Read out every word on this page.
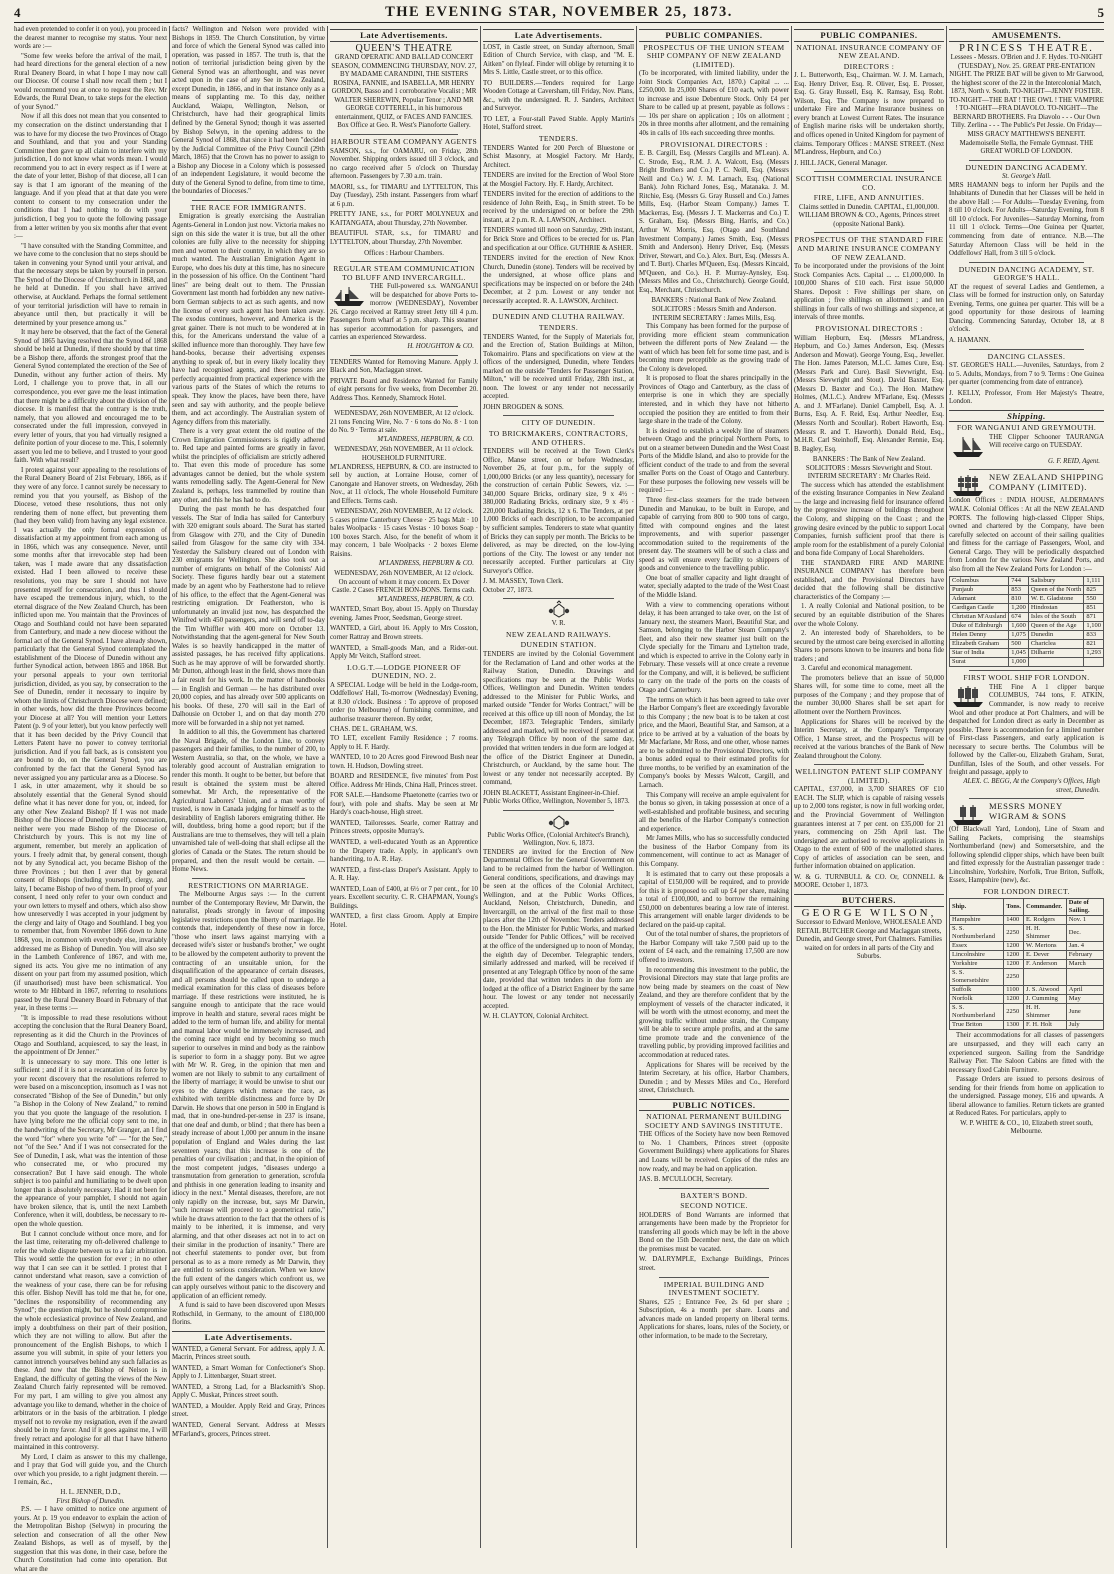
4	THE EVENING STAR, NOVEMBER 25, 1873.	5

had even pretended to confer it on you), you proceed in the dearest manner to recognise my status. Your next words are :—

"Some few weeks before the arrival of the mail, I had heard directions for the general election of a new Rural Deanery Board, in what I hope I may now call our Diocese. Of course I shall now recall them ; but I would recommend you at once to request the Rev. Mr Edwards, the Rural Dean, to take steps for the election of your Synod."

Now if all this does not mean that you consented to my consecration on the distinct understanding that I was to have for my diocese the two Provinces of Otago and Southland, and that you and your Standing Committee then gave up all claim to interfere with my jurisdiction, I do not know what words mean. I would recommend you to act in every respect as if I were at the date of your letter, Bishop of that diocese, all I can say is that I am ignorant of the meaning of the language. And if you plead that at that date you were content to consent to my consecration under the conditions that I had nothing to do with your jurisdiction, I beg you to quote the following passage from a letter written by you six months after that event :—

"I have consulted with the Standing Committee, and we have come to the conclusion that no steps should be taken in convening your Synod until your arrival, and that the necessary steps be taken by yourself in person. The Synod of the Diocese of Christchurch in 1868, and he held at Dunedin. If you shall have arrived otherwise, at Auckland. Perhaps the formal settlement of your territorial jurisdiction will have to remain in abeyance until then, but practically it will be determined by your presence among us."

It may here be observed, that the fact of the General Synod of 1865 having resolved that the Synod of 1868 should be held at Dunedin, if there should by that time be a Bishop there, affords the strongest proof that the General Synod contemplated the erection of the See of Dunedin, without any further action of theirs. My Lord, I challenge you to prove that, in all our correspondence, you ever gave me the least intimation that there might be a difficulty about the division of the diocese. It is manifest that the contrary is the truth, namely, that you allowed and encouraged me to be consecrated under the full impression, conveyed in every letter of yours, that you had virtually resigned a definite portion of your diocese to me. This, I solemnly assert you led me to believe, and I trusted to your good faith. With what result?

I protest against your appealing to the resolutions of the Rural Deanery Board of 21st February, 1866, as if they were of any force. I cannot surely be necessary to remind you that you yourself, as Bishop of the Diocese, vetoed these resolutions, thus not only rendering them of none effect, but preventing them (had they been valid) from having any legal existence. I was actually the only formal expression of dissatisfaction at my appointment from each among us in 1866, which was any consequence. Never, until some months after that irrevocable step had been taken, was I made aware that any dissatisfaction existed. Had I been allowed to receive these resolutions, you may be sure I should not have presented myself for consecration, and thus I should have escaped the tremendous injury, which, to the eternal disgrace of the New Zealand Church, has been inflicted upon me. You maintain that the Provinces of Otago and Southland could not have been separated from Canterbury, and made a new diocese without the formal act of the General Synod. I have already shown, particularly that the General Synod contemplated the establishment of the Diocese of Dunedin without any further Synodical action, between 1865 and 1868. But your personal appeals to your own territorial jurisdiction, divided, as you say, by consecration to the See of Dunedin, render it necessary to inquire by whom the limits of Christchurch Diocese were defined; in other words, how did the three Provinces become your Diocese at all? You will mention your Letters Patent (p. 9 of your letter), but you know perfectly well that it has been decided by the Privy Council that Letters Patent have no power to convey territorial jurisdiction. And if you fall back, as is consistent you are bound to do, on the General Synod, you are confronted by the fact that the General Synod has never assigned you any particular area as a Diocese. So I ask, in utter amazement, why it should be so absolutely essential that the General Synod should define what it has never done for you, or, indeed, for any other New Zealand Bishop? If I was not made Bishop of the Diocese of Dunedin by my consecration, neither were you made Bishop of the Diocese of Christchurch by yours. This is not my line of argument, remember, but merely an application of yours. I freely admit that, by general consent, though not by any Synodical act, you became Bishop of the three Provinces ; but then I aver that by general consent of Bishops (including yourself), clergy, and laity, I became Bishop of two of them. In proof of your consent, I need only refer to your own conduct and your own letters to myself and others, which also show how unreservedly I was accepted in your judgment by the clergy and laity of Otago and Southland. I beg you to remember that, from November 1866 down to June 1868, you, in common with everybody else, invariably addressed me as Bishop of Dunedin. You will also see in the Lambeth Conference of 1867, and with me, signed its acts. You give me no intimation of any dissent on your part from my assumed position, which (if unauthorised) must have been schismatical. You wrote to Mr Hibbard in 1867, referring to resolutions passed by the Rural Deanery Board in February of that year, in these terms :—

"It is impossible to read these resolutions without accepting the conclusion that the Rural Deanery Board, representing as it did the Church in the Provinces of Otago and Southland, acquiesced, to say the least, in the appointment of Dr Jenner."

It is unnecessary to say more. This one letter is sufficient ; and if it is not a recantation of its force by your recent discovery that the resolutions referred to were based on a misconception, insomuch as I was not consecrated "Bishop of the See of Dunedin," but only "a Bishop in the Colony of New Zealand," to remind you that you quote the language of the resolution. I have lying before me the official copy sent to me, in the handwriting of the Secretary, Mr Granger, an I find the word "for" where you write "of" — "for the See," not "of the See." And if I was not consecrated for the See of Dunedin, I ask, what was the intention of those who consecrated me, or who procured my consecration? But I have said enough. The whole subject is too painful and humiliating to be dwelt upon longer than is absolutely necessary. Had it not been for the appearance of your pamphlet, I should not again have broken silence, that is, until the next Lambeth Conference, when it will, doubtless, be necessary to re-open the whole question.

But I cannot conclude without once more, and for the last time, reiterating my oft-delivered challenge to refer the whole dispute between us to a fair arbitration. This would settle the question for ever ; in no other way that I can see can it be settled. I protest that I cannot understand what reason, save a conviction of the weakness of your case, there can be for refusing this offer. Bishop Nevill has told me that he, for one, "declines the responsibility of recommending any Synod"; the question might, but he should compromise the whole ecclesiastical province of New Zealand, and imply a doubtfulness on their part of their position, which they are not willing to allow. But after the pronouncement of the English Bishops, to which I assume you will submit, in spite of your letters you cannot intrench yourselves behind any such fallacies as these. And now that the Bishop of Nelson is in England, the difficulty of getting the views of the New Zealand Church fairly represented will be removed. For my part, I am willing to give you almost any advantage you like to demand, whether in the choice of arbitrators or in the basis of the arbitration. I pledge myself not to revoke my resignation, even if the award should be in my favor. And if it goes against me, I will freely retract and apologise for all that I have hitherto maintained in this controversy.

My Lord, I claim as answer to this my challenge, and I pray that God will guide you, and the Church over which you preside, to a right judgment therein. — I remain, &c.,

H. L. JENNER, D.D.,
First Bishop of Dunedin.

P.S. — I have omitted to notice one argument of yours. At p. 19 you endeavor to explain the action of the Metropolitan Bishop (Selwyn) in procuring the selection and consecration of all the other New Zealand Bishops, as well as of myself, by the suggestion that this was done, in their case, before the Church Constitution had come into operation. But what are the

facts? Wellington and Nelson were provided with Bishops in 1859. The Church Constitution, by virtue and force of which the General Synod was called into operation, was passed in 1857. The truth is, that the notion of territorial jurisdiction being given by the General Synod was an afterthought, and was never acted upon in the case of any See in New Zealand, except Dunedin, in 1866, and in that instance only as a means of supplanting me. To this day, neither Auckland, Waiapu, Wellington, Nelson, or Christchurch, have had their geographical limits defined by the General Synod; though it was asserted by Bishop Selwyn, in the opening address to the General Synod of 1868, that since it had been "decided by the Judicial Committee of the Privy Council (29th March, 1865) that the Crown has no power to assign to a Bishop any Diocese in a Colony which is possessed of an independent Legislature, it would become the duty of the General Synod to define, from time to time, the boundaries of Dioceses."

THE RACE FOR IMMIGRANTS.

Emigration is greatly exercising the Australian Agents-General in London just now. Victoria makes no sign on this side the water it is true, but all the other colonies are fully alive to the necessity for shipping men and women to their country, in which they are so much wanted. The Australian Emigration Agent in Europe, who does his duty at this time, has no sinecure in the possession of his office. On the Continent "hard lines" are being dealt out to them. The Prussian Government last month had forbidden any new native-born German subjects to act as such agents, and now the license of every such agent has been taken away. The exodus continues, however, and America is the great gainer. There is not much to be wondered at in this, for the Americans understand the value of a skilled influence more than thoroughly. They have few hand-books, because their advertising expenses anything to speak of, but in every likely locality they have had recognised agents, and these persons are perfectly acquainted from practical experience with the various parts of the States of which the returns to speak. They know the places, have been there, have seen and say with authority, and the people believe them, and act accordingly. The Australian system of Agency differs from this materially.

There is a very great extent the old routine of the Crown Emigration Commissioners is rigidly adhered to. Red tape and painted forms are greatly in favor, whilst the principles of officialism are strictly adhered to. That even this mode of procedure has some advantages cannot be denied, but the whole system wants remodelling sadly. The Agent-General for New Zealand is, perhaps, less trammelled by routine than any other, and this he has had to do.

During the past month he has despatched four vessels. The Star of India has sailed for Canterbury with 320 emigrant souls aboard. The Surat has started from Glasgow with 270, and the City of Dunedin sailed from Glasgow for the same city with 334. Yesterday the Salisbury cleared out of London with 230 emigrants for Wellington. She also took out a number of emigrants on behalf of the Colonists' Aid Society. These figures hardly bear out a statement made by an agent who by Featherstone had to relieve of his office, to the effect that the Agent-General was restricting emigration. Dr Featherston, who is unfortunately an invalid just now, has despatched the Winifred with 450 passengers, and will send off to-day the Tim Whiffler with 400 more on October 13. Notwithstanding that the agent-general for New South Wales is so heavily handicapped in the matter of assisted passages, he has received fifty applications. Such as he may approve of will be forwarded shortly. Mr Dutton, although least in the field, shows more than a fair result for his work. In the matter of handbooks — in English and German — he has distributed over 20,000 copies, and has already over 500 applicants on his books. Of these, 270 will sail in the Earl of Dalhousie on October 1, and on that day month 270 more will be forwarded in a ship not yet named.

In addition to all this, the Government has chartered the Naval Brigade, of the London Line, to convey passengers and their families, to the number of 200, to Western Australia, so that, on the whole, we have a tolerably good account of Australian emigration to render this month. It ought to be better, but before that result is obtained the system must be altered somewhat. Mr Arch, the representative of the Agricultural Laborers' Union, and a man worthy of trusted, is now in Canada judging for himself as to the desirability of English laborers emigrating thither. He will, doubtless, bring home a good report; but if the Australians are true to themselves, they will tell a plain unvarnished tale of well-doing that shall eclipse all the glories of Canada or the States. The return should be prepared, and then the result would be certain. — Home News.

RESTRICTIONS ON MARRIAGE.

The Melbourne Argus says :— In the current number of the Contemporary Review, Mr Darwin, the naturalist, pleads strongly in favour of imposing legislative restrictions upon the liberty of marriage. He contends that, independently of these now in force, "those who insert laws against marrying with a deceased wife's sister or husband's brother," we ought to be allowed by the competent authority to prevent the contracting of an unsuitable union, for the disqualification of the appearance of certain diseases, and all persons should be called upon to undergo a medical examination for this class of diseases before marriage. If these restrictions were instituted, he is sanguine enough to anticipate that the race would improve in health and stature, several races might be added to the term of human life, and ability for mental and manual labor would be immensely increased, and the coming race might end by becoming so much superior to ourselves in mind and body as the rainbow is superior to form in a shaggy pony. But we agree with Mr W. R. Greg, in the opinion that men and women are not likely to submit to any curtailment of the liberty of marriage; it would be unwise to shut our eyes to the dangers which menace the race, as exhibited with terrible distinctness and force by Dr Darwin. He shows that one person in 500 in England is mad, that in one-hundred-per-sense in 237 is insane, that one deaf and dumb, or blind ; that there has been a steady increase of about 1,000 per annum in the insane population of England and Wales during the last seventeen years; that this increase is one of the penalties of our civilisation ; and that, in the opinion of the most competent judges, "diseases undergo a transmutation from generation to generation, scrofula and phthisis in one generation leading to insanity and idiocy in the next." Mental diseases, therefore, are not only rapidly on the increase, but, says Mr Darwin, "such increase will proceed to a geometrical ratio," while he draws attention to the fact that the others of is mainly to be inherited, it is immense, and very alarming, and that other diseases act not in to act on their similar in the production of insanity." There are not cheerful statements to ponder over, but from personal as to as a more remedy as Mr Darwin, they are entitled to serious consideration. When we know the full extent of the dangers which confront us, we can apply ourselves without panic to the discovery and application of an efficient remedy.

A fund is said to have been discovered upon Messrs Rothschild, in Germany, to the amount of £180,000 florins.

Late Advertisements.
WANTED, a General Servant. For address, apply J. A. Macrin, Princes street south.
WANTED, a Smart Woman for Confectioner's Shop. Apply to J. Littenbarger, Stuart street.
WANTED, a Strong Lad, for a Blacksmith's Shop. Apply C. Muskat, Princes street south.
WANTED, a Moulder. Apply Reid and Gray, Princes street.
WANTED, General Servant. Address at Messrs M'Farland's, grocers, Princes street.
Late Advertisements.
QUEEN'S THEATRE
GRAND OPERATIC AND BALLAD CONCERT SEASON, COMMENCING THURSDAY, NOV. 27, BY MADAME CARANDINI, THE SISTERS ROSINA, FANNIE, and ISABELLA, MR HENRY GORDON, Basso and 1 corroborative Vocalist ; MR WALTER SHEREWIN, Popular Tenor ; AND MR GEORGE COTTERELL, in his humorous entertainment, QUIZ, or FACES AND FANCIES. Box Office at Geo. R. West's Pianoforte Gallery.
HARBOUR STEAM COMPANY AGENTS
SAMSON, s.s., for OAMARU, on Friday, 28th November. Shipping orders issued till 3 o'clock, and no cargo received after 5 o'clock on Thursday afternoon. Passengers by 7.30 a.m. train.
MAORI, s.s., for TIMARU and LYTTELTON, This Day (Tuesday), 25th instant. Passengers from wharf at 6 p.m.
PRETTY JANE, s.s., for PORT MOLYNEUX and KAITANGATA, about Thursday, 27th November.
BEAUTIFUL STAR, s.s., for TIMARU and LYTTELTON, about Thursday, 27th November.
Offices : Harbour Chambers.
REGULAR STEAM COMMUNICATION TO BLUFF AND INVERCARGILL.
THE Full-powered s.s. WANGANUI will be despatched for above Ports to-morrow (WEDNESDAY), November 26. Cargo received at Rattray street Jetty till 4 p.m. Passengers from wharf at 5 p.m. sharp. This steamer has superior accommodation for passengers, and carries an experienced Stewardess.
H. HOUGHTON & CO.
TENDERS Wanted for Removing Manure. Apply J. Black and Son, Maclaggan street.
PRIVATE Board and Residence Wanted for Family of eight persons for five weeks, from December 20. Address Thos. Kennedy, Shamrock Hotel.
WEDNESDAY, 26th NOVEMBER, At 12 o'clock.
21 tons Fencing Wire, No. 7 · 6 tons do No. 8 · 1 ton do No. 9 · Terms at sale.
M'LANDRESS, HEPBURN, & CO.
WEDNESDAY, 26th NOVEMBER, At 11 o'clock. HOUSEHOLD FURNITURE.
M'LANDRESS, HEPBURN, & CO. are instructed to sell by auction, at Lorraine House, corner of Canongate and Hanover streets, on Wednesday, 26th Nov., at 11 o'clock, The whole Household Furniture and Effects. Terms cash.
WEDNESDAY, 26th NOVEMBER, At 12 o'clock.
5 cases prime Canterbury Cheese · 25 bags Malt · 10 bales Woolpacks · 15 cases Vestas · 10 boxes Soap · 100 boxes Starch. Also, for the benefit of whom it may concern, 1 bale Woolpacks · 2 boxes Eleme Raisins.
M'LANDRESS, HEPBURN & CO.
WEDNESDAY, 26th NOVEMBER, At 12 o'clock.
On account of whom it may concern. Ex Dover Castle. 2 Cases FRENCH BON-BONS. Terms cash.
M'LANDRESS, HEPBURN, & CO.
WANTED, Smart Boy, about 15. Apply on Thursday evening. James Proor, Seedsman, George street.
WANTED, a Girl, about 16. Apply to Mrs Cosston, corner Rattray and Brown streets.
WANTED, a Small-goods Man, and a Rider-out. Apply Mr Veitch, Stafford street.
I.O.G.T.—LODGE PIONEER OF DUNEDIN, NO. 2.
A SPECIAL Lodge will be held in the Lodge-room, Oddfellows' Hall, To-morrow (Wednesday) Evening, at 8.30 o'clock. Business : To approve of proposed order (to Melbourne) of furnishing committee, and authorise treasurer thereon. By order,
CHAS. DE L. GRAHAM, W.S.
TO LET, excellent Family Residence ; 7 rooms. Apply to H. F. Hardy.
WANTED, 10 to 20 Acres good Firewood Bush near town. H. Hudson, Dowling street.
BOARD and RESIDENCE, five minutes' from Post Office. Address Mr Hinds, China Hall, Princes street.
FOR SALE.—Handsome Phaetonette (carries two or four), with pole and shafts. May be seen at Mr Hardy's coach-house, High street.
WANTED, Tailoresses. Searle, corner Rattray and Princes streets, opposite Murray's.
WANTED, a well-educated Youth as an Apprentice to the Drapery trade. Apply, in applicant's own handwriting, to A. R. Hay.
WANTED, a first-class Draper's Assistant. Apply to A. R. Hay.
WANTED, Loan of £400, at 6½ or 7 per cent., for 10 years. Excellent security. C. R. CHAPMAN, Young's Buildings.
WANTED, a first class Groom. Apply at Empire Hotel.
Late Advertisements.
LOST, in Castle street, on Sunday afternoon, Small Edition of Church Service, with clasp, and "M. E. Aitken" on flyleaf. Finder will oblige by returning it to Mrs S. Little, Castle street, or to this office.
TO BUILDERS.—Tenders required for Large Wooden Cottage at Caversham, till Friday, Nov. Plans, &c., with the undersigned. R. J. Sanders, Architect and Surveyor.
TO LET, a Four-stall Paved Stable. Apply Martin's Hotel, Stafford street.
TENDERS.
TENDERS Wanted for 200 Perch of Bluestone or Schist Masonry, at Mosgiel Factory. Mr Hardy, Architect.
TENDERS are invited for the Erection of Wool Store at the Mosgiel Factory. Hy. F. Hardy, Architect.
TENDERS invited for the erection of additions to the residence of John Reith, Esq., in Smith street. To be received by the undersigned on or before the 29th instant, at 2 p.m. R. A. LAWSON, Architect.
TENDERS wanted till noon on Saturday, 29th instant, for Brick Store and Offices to be erected for us. Plan and specification at our Office. GUTHRIE & ASHER.
TENDERS invited for the erection of New Knox Church, Dunedin (stone). Tenders will be received by the undersigned, at whose office plans and specifications may be inspected on or before the 24th December, at 2 p.m. Lowest or any tender not necessarily accepted. R. A. LAWSON, Architect.
DUNEDIN AND CLUTHA RAILWAY.
TENDERS.
TENDERS Wanted, for the Supply of Materials for, and the Erection of, Station Buildings at Milton, Tokomairiro. Plans and specifications on view at the offices of the undersigned, Dunedin, where Tenders marked on the outside "Tenders for Passenger Station, Milton," will be received until Friday, 28th inst., at noon. The lowest or any tender not necessarily accepted.
JOHN BROGDEN & SONS.
CITY OF DUNEDIN.
TO BRICKMAKERS, CONTRACTORS, AND OTHERS.
TENDERS will be received at the Town Clerk's Office, Manse street, on or before Wednesday, November 26, at four p.m., for the supply of 1,000,000 Bricks (or any less quantity), necessary for the construction of certain Public Sewers, viz. :— 340,000 Square Bricks, ordinary size, 9 x 4½ · 380,000 Radiating Bricks, ordinary size, 9 x 4½ · 220,000 Radiating Bricks, 12 x 6. The Tenders, at per 1,000 Bricks of each description, to be accompanied by sufficient samples. Tenderers to state what quantity of Bricks they can supply per month. The Bricks to be delivered, as may be directed, on the low-lying portions of the City. The lowest or any tender not necessarily accepted. Further particulars at City Surveyor's Office.
J. M. MASSEY, Town Clerk.
October 27, 1873.
V. R.
NEW ZEALAND RAILWAYS.
DUNEDIN STATION.
TENDERS are invited by the Colonial Government for the Reclamation of Land and other works at the Railway Station, Dunedin. Drawings and specifications may be seen at the Public Works Offices, Wellington and Dunedin. Written tenders addressed to the Minister for Public Works, and marked outside "Tender for Works Contract," will be received at this office up till noon of Monday, the 1st December, 1873. Telegraphic Tenders, similarly addressed and marked, will be received if presented at any Telegraph Office by noon of the same day, provided that written tenders in due form are lodged at the office of the District Engineer at Dunedin, Christchurch, or Auckland, by the same hour. The lowest or any tender not necessarily accepted. By command,
JOHN BLACKETT, Assistant Engineer-in-Chief.
Public Works Office, Wellington, November 5, 1873.
Public Works Office, (Colonial Architect's Branch), Wellington, Nov. 6, 1873.
TENDERS are invited for the Erection of New Departmental Offices for the General Government on land to be reclaimed from the harbor of Wellington. General conditions, specifications, and drawings may be seen at the offices of the Colonial Architect, Wellington, and at the Public Works Offices, Auckland, Nelson, Christchurch, Dunedin, and Invercargill, on the arrival of the first mail to those places after the 12th of November. Tenders addressed to the Hon. the Minister for Public Works, and marked outside "Tender for Public Offices," will be received at the office of the undersigned up to noon of Monday, the eighth day of December. Telegraphic tenders, similarly addressed and marked, will be received if presented at any Telegraph Office by noon of the same date, provided that written tenders in due form are lodged at the office of a District Engineer by the same hour. The lowest or any tender not necessarily accepted.
W. H. CLAYTON, Colonial Architect.
PUBLIC COMPANIES.
PROSPECTUS OF THE UNION STEAM SHIP COMPANY OF NEW ZEALAND (LIMITED).
(To be incorporated, with limited liability, under the Joint Stock Companies Act, 1870.) Capital ... ... £250,000. In 25,000 Shares of £10 each, with power to increase and issue Debenture Stock. Only £4 per Share to be called up at present, payable as follows :— 10s per share on application ; 10s on allotment ; 20s in three months after allotment, and the remaining 40s in calls of 10s each succeeding three months.
PROVISIONAL DIRECTORS :
E. B. Cargill, Esq. (Messrs Cargills and M'Lean). A. C. Strode, Esq., R.M. J. A. Walcott, Esq. (Messrs Bright Brothers and Co.) P. C. Neill, Esq. (Messrs Neill and Co.) W. J. M. Larnach, Esq. (National Bank). John Richard Jones, Esq., Matanaka. J. M. Ritchie, Esq. (Messrs G. Gray Russell and Co.) James Mills, Esq. (Harbor Steam Company.) James T. Mackerras, Esq. (Messrs J. T. Mackerras and Co.) T. S. Graham, Esq. (Messrs Bing, Harris, and Co.) Arthur W. Morris, Esq. (Otago and Southland Investment Company.) James Smith, Esq. (Messrs Smith and Anderson). Henry Driver, Esq. (Messrs Driver, Stewart, and Co.). Alex. Burt, Esq. (Messrs A. and T. Burt). Charles M'Queen, Esq. (Messrs Kincaid, M'Queen, and Co.). H. P. Murray-Aynsley, Esq. (Messrs Miles and Co., Christchurch). George Gould, Esq., Merchant, Christchurch.
BANKERS : National Bank of New Zealand.
SOLICITORS : Messrs Smith and Anderson.
INTERIM SECRETARY : James Mills, Esq.

This Company has been formed for the purpose of providing more efficient steam communication between the different ports of New Zealand — the want of which has been felt for some time past, and is becoming more perceptible as the growing trade of the Colony is developed.

It is proposed to float the shares principally in the Provinces of Otago and Canterbury, as the class of enterprise is one in which they are specially interested, and in which they have not hitherto occupied the position they are entitled to from their large share in the trade of the Colony.

It is desired to establish a weekly line of steamers between Otago and the principal Northern Ports, to put on a steamer between Dunedin and the West Coast Ports of the Middle Island, and also to provide for the efficient conduct of the trade to and from the several smaller Ports on the Coast of Otago and Canterbury. For these purposes the following new vessels will be required :—

Three first-class steamers for the trade between Dunedin and Manukau, to be built in Europe, and capable of carrying from 800 to 900 tons of cargo, fitted with compound engines and the latest improvements, and with superior passenger accommodation suited to the requirements of the present day. The steamers will be of such a class and speed as will ensure every facility to shippers of goods and convenience to the travelling public.

One boat of smaller capacity and light draught of water, specially adapted to the trade of the West Coast of the Middle Island.

With a view to commencing operations without delay, it has been arranged to take over, on the 1st of January next, the steamers Maori, Beautiful Star, and Samson, belonging to the Harbor Steam Company's fleet, and also their new steamer just built on the Clyde specially for the Timaru and Lyttelton trade, and which is expected to arrive in the Colony early in February. These vessels will at once create a revenue for the Company, and will, it is believed, be sufficient to carry on the trade of the ports on the coasts of Otago and Canterbury.

The terms on which it has been agreed to take over the Harbor Company's fleet are exceedingly favorable to this Company ; the new boat is to be taken at cost price, and the Maori, Beautiful Star, and Samson, at a price to be arrived at by a valuation of the boats by Mr Macfarlane, Mr Ross, and one other, whose names are to be submitted to the Provisional Directors, with a bonus added equal to their estimated profits for three months, to be verified by an examination of the Company's books by Messrs Walcott, Cargill, and Larnach.

This Company will receive an ample equivalent for the bonus so given, in taking possession at once of a well-established and profitable business, and securing all the benefits of the Harbor Company's connection and experience.

Mr James Mills, who has so successfully conducted the business of the Harbor Company from its commencement, will continue to act as Manager of this Company.

It is estimated that to carry out these proposals a capital of £150,000 will be required, and to provide for this it is proposed to call up £4 per share, making a total of £100,000, and to borrow the remaining £50,000 on debentures bearing a low rate of interest. This arrangement will enable larger dividends to be declared on the paid-up capital.

Out of the total number of shares, the proprietors of the Harbor Company will take 7,500 paid up to the extent of £4 each, and the remaining 17,500 are now offered to investors.

In recommending this investment to the public, the Provisional Directors may state that large profits are now being made by steamers on the coast of New Zealand, and they are therefore confident that by the employment of vessels of the character indicated, it will be worth with the utmost economy, and meet the growing traffic without undue strain, the Company will be able to secure ample profits, and at the same time promote trade and the convenience of the travelling public, by providing improved facilities and accommodation at reduced rates.

Applications for Shares will be received by the Interim Secretary, at his office, Harbor Chambers, Dunedin ; and by Messrs Miles and Co., Hereford street, Christchurch.

PUBLIC NOTICES.
NATIONAL PERMANENT BUILDING SOCIETY AND SAVINGS INSTITUTE.
THE Offices of the Society have now been Removed to No. 1 Chambers, Princes street (opposite Government Buildings) where applications for Shares and Loans will be received. Copies of the rules are now ready, and may be had on application.
JAS. B. M'CULLOCH, Secretary.
BAXTER'S BOND.
SECOND NOTICE.
HOLDERS of Bond Warrants are informed that arrangements have been made by the Proprietor for transferring all goods which may be left in the above Bond on the 15th December next, the date on which the premises must be vacated.
W. DALRYMPLE, Exchange Buildings, Princes street.
IMPERIAL BUILDING AND INVESTMENT SOCIETY.
Shares, £25 ; Entrance Fee, 2s 6d per share ; Subscription, 4s a month per share. Loans and advances made on landed property on liberal terms. Applications for shares, loans, rules of the Society, or other information, to be made to the Secretary,
PUBLIC COMPANIES.
NATIONAL INSURANCE COMPANY OF NEW ZEALAND.
DIRECTORS :
J. L. Butterworth, Esq., Chairman. W. J. M. Larnach, Esq. Henry Driver, Esq. R. Oliver, Esq. E. Prosser, Esq. G. Gray Russell, Esq. K. Ramsay, Esq. Robt. Wilson, Esq. The Company is now prepared to undertake Fire and Marine Insurance business on every branch at Lowest Current Rates. The insurance of English marine risks will be undertaken shortly, and offices opened in United Kingdom for payment of claims. Temporary Offices : MANSE STREET. (Next M'Landress, Hepburn, and Co.)
J. HILL JACK, General Manager.
SCOTTISH COMMERCIAL INSURANCE CO.
FIRE, LIFE, AND ANNUITIES.
Claims settled in Dunedin. CAPITAL, £1,000,000. WILLIAM BROWN & CO., Agents, Princes street (opposite National Bank).
PROSPECTUS OF THE STANDARD FIRE AND MARINE INSURANCE COMPANY OF NEW ZEALAND.
To be incorporated under the provisions of the Joint Stock Companies Acts. Capital ... ... £1,000,000. In 100,000 Shares of £10 each. First issue 50,000 Shares. Deposit : Five shillings per share, on application ; five shillings on allotment ; and ten shillings in four calls of two shillings and sixpence, at intervals of three months.
PROVISIONAL DIRECTORS :
William Hepburn, Esq. (Messrs M'Landress, Hepburn, and Co.) James Anderson, Esq. (Messrs Anderson and Mowat). George Young, Esq., Jeweller. The Hon. James Paterson, M.L.C. James Cure, Esq. (Messrs Park and Cure). Basil Sievwright, Esq. (Messrs Sievwright and Stout). David Baxter, Esq. (Messrs D. Baxter and Co.). The Hon. Mathew Holmes, (M.L.C.). Andrew M'Farlane, Esq. (Messrs A. and J. M'Farlane). Daniel Campbell, Esq. A. J. Burns, Esq. A. F. Reid, Esq. Arthur Needler, Esq. (Messrs North and Scoullar). Robert Haworth, Esq. (Messrs R. and T. Haworth). Donald Reid, Esq., M.H.R. Carl Steinhoff, Esq. Alexander Rennie, Esq. B. Bagley, Esq.
BANKERS : The Bank of New Zealand.
SOLICITORS : Messrs Sievwright and Stout.
INTERIM SECRETARY : Mr Charles Reid.

The success which has attended the establishment of the existing Insurance Companies in New Zealand — the large and increasing field for insurance offered by the progressive increase of buildings throughout the Colony, and shipping on the Coast ; and the growing desire evinced by the public to support Local Companies, furnish sufficient proof that there is ample room for the establishment of a purely Colonial and bona fide Company of Local Shareholders.

THE STANDARD FIRE AND MARINE INSURANCE COMPANY has therefore been established, and the Provisional Directors have decided that the following shall be distinctive characteristics of the Company :—

1. A really Colonial and National position, to be secured by an equitable distribution of the Shares over the whole Colony.

2. An interested body of Shareholders, to be secured by the utmost care being exercised in allotting Shares to persons known to be insurers and bona fide traders ; and

3. Careful and economical management.

The promoters believe that an issue of 50,000 Shares will, for some time to come, meet all the purposes of the Company ; and they propose that of the number 30,000 Shares shall be set apart for allotment over the Northern Provinces.

Applications for Shares will be received by the Interim Secretary, at the Company's Temporary Office, 1 Manse street, and the Prospectus will be received at the various branches of the Bank of New Zealand throughout the Colony.

WELLINGTON PATENT SLIP COMPANY (LIMITED).
CAPITAL, £37,000, in 3,700 SHARES OF £10 EACH. The SLIP, which is capable of raising vessels up to 2,000 tons register, is now in full working order, and the Provincial Government of Wellington guarantees interest at 7 per cent. on £35,000 for 21 years, commencing on 25th April last. The undersigned are authorised to receive applications in Otago to the extent of 600 of the unallotted shares. Copy of articles of association can be seen, and further information obtained on application.
W. & G. TURNBULL & CO. Or, CONNELL & MOORE. October 1, 1873.
BUTCHERS.
GEORGE WILSON,
Successor to Edward Menlove, WHOLESALE AND RETAIL BUTCHER George and Maclaggan streets, Dunedin, and George street, Port Chalmers. Families waited on for orders in all parts of the City and Suburbs.
AMUSEMENTS.
PRINCESS THEATRE.
Lessees - Messrs. O'Brien and J. F. Hydes. TO-NIGHT (TUESDAY), Nov. 25. GREAT PRE-ENTATION NIGHT. The PRIZE BAT will be given to Mr Garwood, the highest scorer of the 22 in the Intercolonial Match, 1873, North v. South. TO-NIGHT—JENNY FOSTER. TO-NIGHT—THE BAT ! THE OWL ! THE VAMPIRE ! TO-NIGHT—FRA DIAVOLO. TO-NIGHT—The BERNARD BROTHERS. Fra Diavolo - - - Our Own Tilly. Zerlina - - - The Public's Pet Jessie. On Friday—MISS GRACY MATTHEWS'S BENEFIT. Mademoiselle Stella, the Female Gymnast. THE GREAT WORLD OF LONDON.
DUNEDIN DANCING ACADEMY.
St. George's Hall.
MRS HAMANN begs to inform her Pupils and the Inhabitants of Dunedin that her Classes will be held in the above Hall :— For Adults—Tuesday Evening, from 8 till 10 o'clock. For Adults—Saturday Evening, from 8 till 10 o'clock. For Juveniles—Saturday Morning, from 11 till 1 o'clock. Terms—One Guinea per Quarter, commencing from date of entrance. N.B.—The Saturday Afternoon Class will be held in the Oddfellows' Hall, from 3 till 5 o'clock.
DUNEDIN DANCING ACADEMY, ST. GEORGE'S HALL.
AT the request of several Ladies and Gentlemen, a Class will be formed for instruction only, on Saturday Evening, Terms, one guinea per quarter. This will be a good opportunity for those desirous of learning Dancing. Commencing Saturday, October 18, at 8 o'clock.
A. HAMANN.
DANCING CLASSES.
ST. GEORGE'S HALL.—Juveniles, Saturdays, from 2 to 5. Adults, Mondays, from 7 to 9. Terms : One Guinea per quarter (commencing from date of entrance).
J. KELLY, Professor, From Her Majesty's Theatre, London.
Shipping.
FOR WANGANUI AND GREYMOUTH.
THE Clipper Schooner TAURANGA Will receive cargo on TUESDAY.
G. F. REID, Agent.
NEW ZEALAND SHIPPING COMPANY (LIMITED).
London Offices : INDIA HOUSE, ALDERMAN'S WALK. Colonial Offices : At all the NEW ZEALAND PORTS. The following high-classed Clipper Ships, owned and chartered by the Company, have been carefully selected on account of their sailing qualities and fitness for the carriage of Passengers, Wool, and General Cargo. They will be periodically despatched from London for the various New Zealand Ports, and also from all the New Zealand Ports for London :—
Columbus	744	Salisbury	1,111
Punjaub	853	Queen of the North	825
Adamant	810	W. E. Gladstone	550
Cardigan Castle	1,200	Hindostan	851
Christian M'Ausland	674	Isles of the South	871
Duke of Edinburgh	1,600	Queen of the Age	1,100
Helen Denny	1,075	Dunedin	833
Elizabeth Graham	500	Chariclea	821
Star of India	1,045	Dilharrie	1,293
Surat	1,000		
FIRST WOOL SHIP FOR LONDON.
THE Fine A 1 clipper barque COLUMBUS, 744 tons, F. ATKIN, Commander, is now ready to receive Wool and other produce at Port Chalmers, and will be despatched for London direct as early in December as possible. There is accommodation for a limited number of First-class Passengers, and early application is necessary to secure berths. The Columbus will be followed by the Caller-ou, Elizabeth Graham, Surat, Dunfillan, Isles of the South, and other vessels. For freight and passage, apply to
ALEX. C. BEGG, At the Company's Offices, High street, Dunedin.
MESSRS MONEY WIGRAM & SONS
(Of Blackwall Yard, London), Line of Steam and Sailing Packets, comprising the steamships Northumberland (new) and Somersetshire, and the following splendid clipper ships, which have been built and fitted expressly for the Australian passenger trade : Lincolnshire, Yorkshire, Norfolk, True Briton, Suffolk, Essex, Hampshire (new), &c.
FOR LONDON DIRECT.
Ship.	Tons.	Commander.	Date of Sailing.
Hampshire	1400	E. Rodgers	Nov. 1
S. S. Northumberland	2250	H. H. Shimmer	Dec.
Essex	1200	W. Mertons	Jan. 4
Lincolnshire	1200	E. Dever	February
Yorkshire	1200	F. Anderson	March
S. S. Somersetshire	2250		
Suffolk	1100	J. S. Atwood	April
Norfolk	1200	J. Cumming	May
S. S. Northumberland	2250	H. H. Shimmer	June
True Briton	1300	F. H. Holt	July

Their accommodations for all classes of passengers are unsurpassed, and they will each carry an experienced surgeon. Sailing from the Sandridge Railway Pier. The Saloon Cabins are fitted with the necessary fixed Cabin Furniture.

Passage Orders are issued to persons desirous of sending for their friends from home on application to the undersigned. Passage money, £16 and upwards. A liberal allowance to families. Return tickets are granted at Reduced Rates. For particulars, apply to

W. P. WHITE & CO., 10, Elizabeth street south, Melbourne.
